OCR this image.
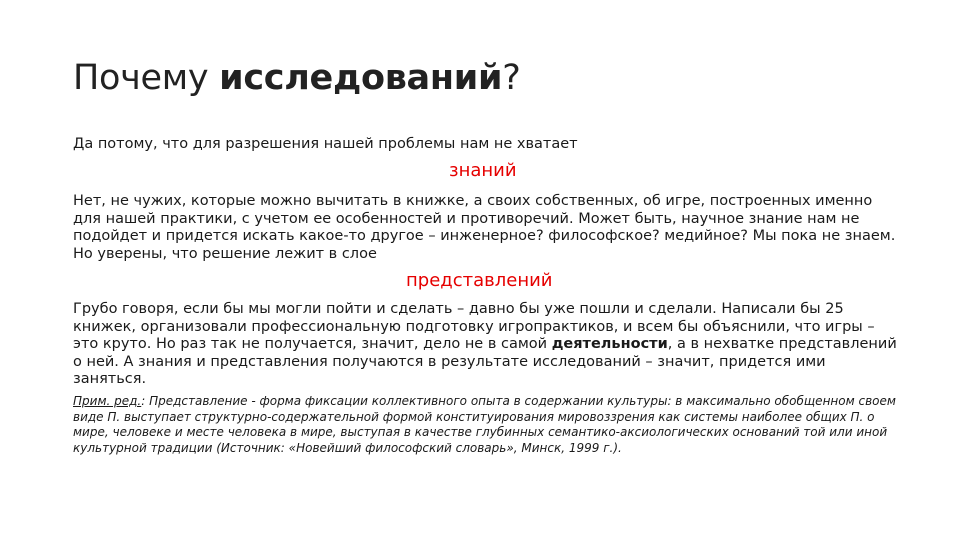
Почему исследований?
Да потому, что для разрешения нашей проблемы нам не хватает
знаний
Нет, не чужих, которые можно вычитать в книжке, а своих собственных, об игре, построенных именно для нашей практики, с учетом ее особенностей и противоречий. Может быть, научное знание нам не подойдет и придется искать какое-то другое – инженерное? философское? медийное? Мы пока не знаем. Но уверены, что решение лежит в слое
представлений
Грубо говоря, если бы мы могли пойти и сделать – давно бы уже пошли и сделали. Написали бы 25 книжек, организовали профессиональную подготовку игропрактиков, и всем бы объяснили, что игры – это круто. Но раз так не получается, значит, дело не в самой деятельности, а в нехватке представлений о ней. А знания и представления получаются в результате исследований – значит, придется ими заняться.
Прим. ред.: Представление - форма фиксации коллективного опыта в содержании культуры: в максимально обобщенном своем виде П. выступает структурно-содержательной формой конституирования мировоззрения как системы наиболее общих П. о мире, человеке и месте человека в мире, выступая в качестве глубинных семантико-аксиологических оснований той или иной культурной традиции (Источник: «Новейший философский словарь», Минск, 1999 г.).
